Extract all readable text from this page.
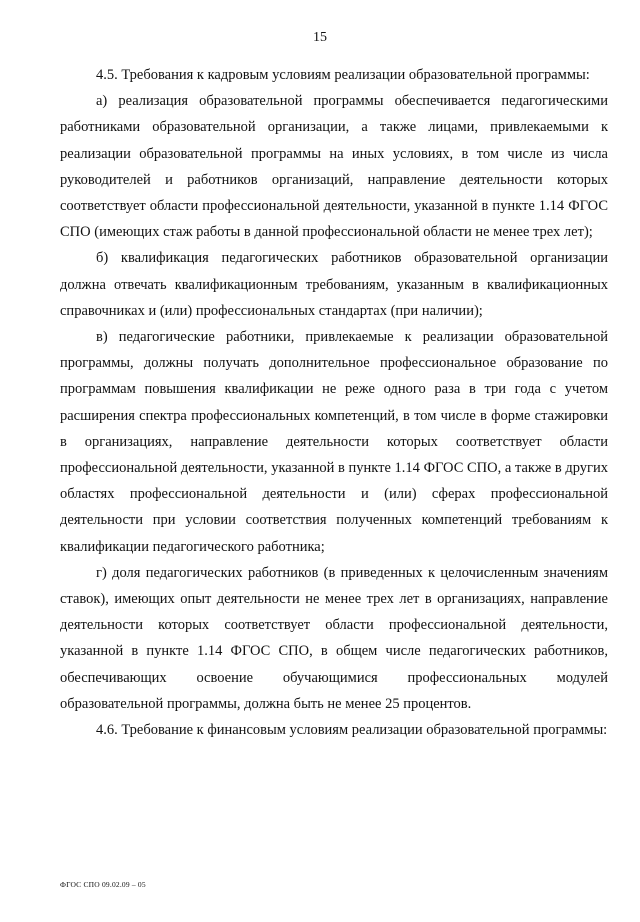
15

4.5. Требования к кадровым условиям реализации образовательной программы:

а) реализация образовательной программы обеспечивается педагогическими работниками образовательной организации, а также лицами, привлекаемыми к реализации образовательной программы на иных условиях, в том числе из числа руководителей и работников организаций, направление деятельности которых соответствует области профессиональной деятельности, указанной в пункте 1.14 ФГОС СПО (имеющих стаж работы в данной профессиональной области не менее трех лет);

б) квалификация педагогических работников образовательной организации должна отвечать квалификационным требованиям, указанным в квалификационных справочниках и (или) профессиональных стандартах (при наличии);

в) педагогические работники, привлекаемые к реализации образовательной программы, должны получать дополнительное профессиональное образование по программам повышения квалификации не реже одного раза в три года с учетом расширения спектра профессиональных компетенций, в том числе в форме стажировки в организациях, направление деятельности которых соответствует области профессиональной деятельности, указанной в пункте 1.14 ФГОС СПО, а также в других областях профессиональной деятельности и (или) сферах профессиональной деятельности при условии соответствия полученных компетенций требованиям к квалификации педагогического работника;

г) доля педагогических работников (в приведенных к целочисленным значениям ставок), имеющих опыт деятельности не менее трех лет в организациях, направление деятельности которых соответствует области профессиональной деятельности, указанной в пункте 1.14 ФГОС СПО, в общем числе педагогических работников, обеспечивающих освоение обучающимися профессиональных модулей образовательной программы, должна быть не менее 25 процентов.

4.6. Требование к финансовым условиям реализации образовательной программы:

ФГОС СПО 09.02.09 – 05
